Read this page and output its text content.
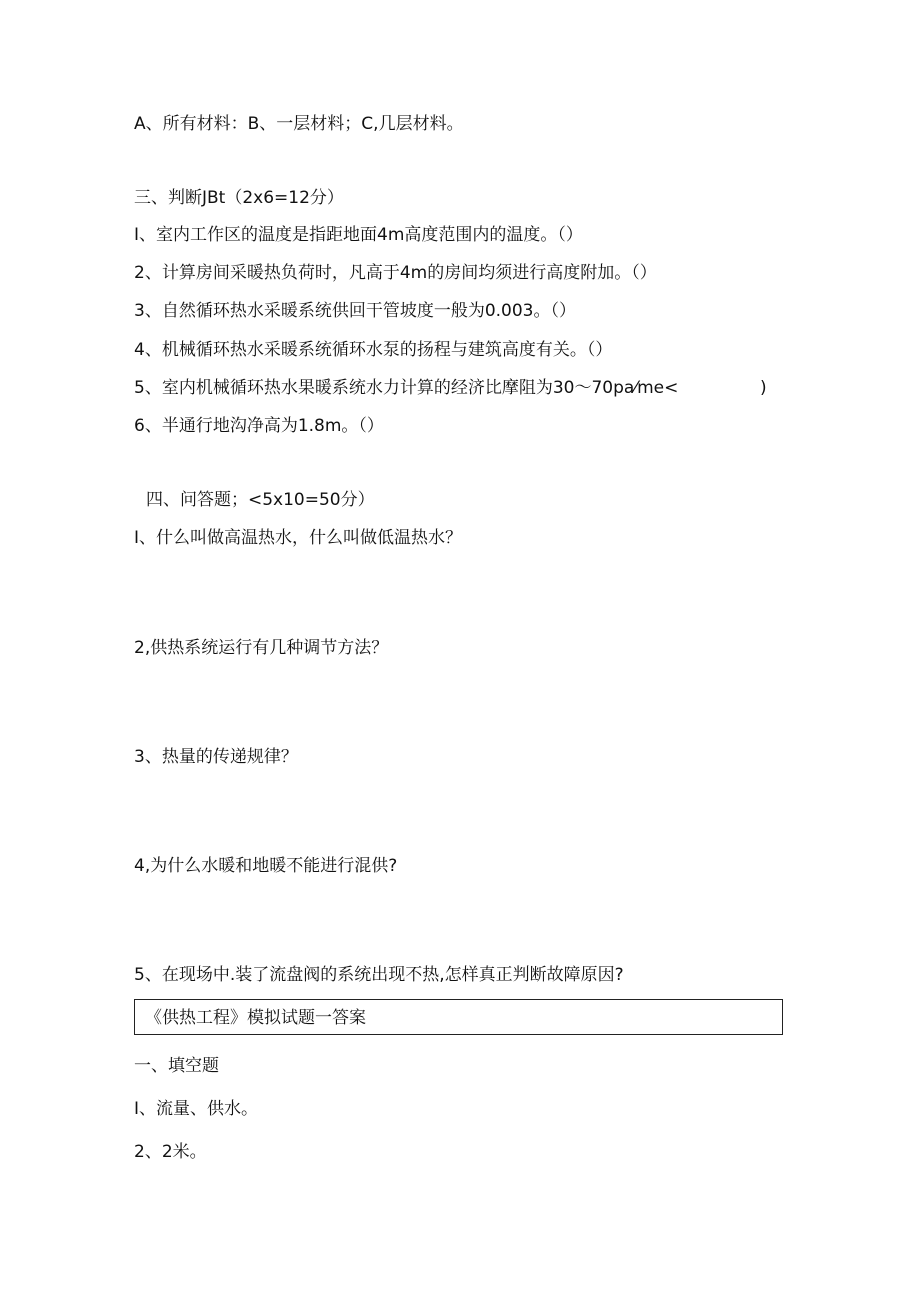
A、所有材料：B、一层材料；C,几层材料。
三、判断JBt（2x6=12分）
I、室内工作区的温度是指距地面4m高度范围内的温度。（）
2、计算房间采暖热负荷时，凡高于4m的房间均须进行高度附加。（）
3、自然循环热水采暖系统供回干管坡度一般为0.003。（）
4、机械循环热水采暖系统循环水泵的扬程与建筑高度有关。（）
5、室内机械循环热水果暖系统水力计算的经济比摩阻为30～70pa⁄me<	)
6、半通行地沟净高为1.8m。（）
四、问答题；<5x10=50分）
I、什么叫做高温热水，什么叫做低温热水？
2,供热系统运行有几种调节方法？
3、热量的传递规律？
4,为什么水暖和地暖不能进行混供?
5、在现场中.装了流盘阀的系统出现不热,怎样真正判断故障原因?
《供热工程》模拟试题一答案
一、填空题
I、流量、供水。
2、2米。
